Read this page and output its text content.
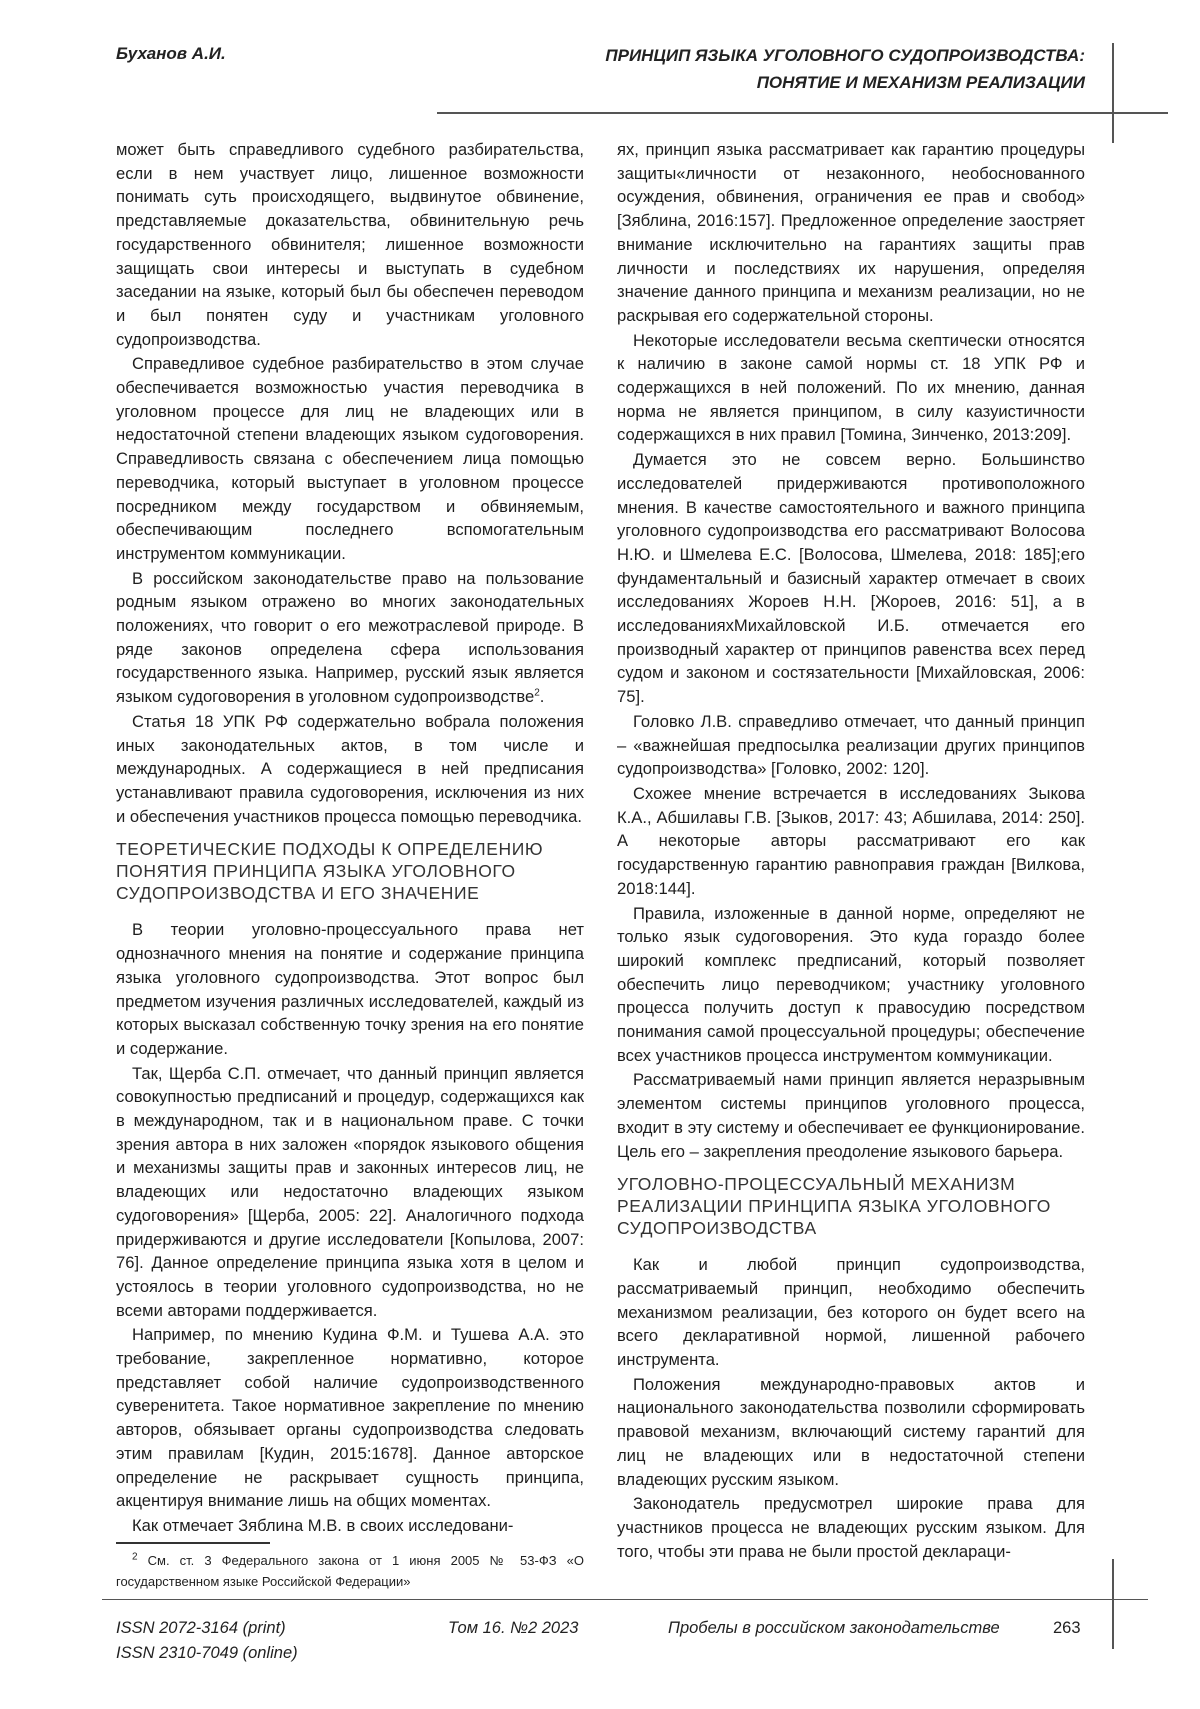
Буханов А.И.	ПРИНЦИП ЯЗЫКА УГОЛОВНОГО СУДОПРОИЗВОДСТВА:
ПОНЯТИЕ И МЕХАНИЗМ РЕАЛИЗАЦИИ

может быть справедливого судебного разбирательства, если в нем участвует лицо, лишенное возможности понимать суть происходящего, выдвинутое обвинение, представляемые доказательства, обвинительную речь государственного обвинителя; лишенное возможности защищать свои интересы и выступать в судебном заседании на языке, который был бы обеспечен переводом и был понятен суду и участникам уголовного судопроизводства.

Справедливое судебное разбирательство в этом случае обеспечивается возможностью участия переводчика в уголовном процессе для лиц не владеющих или в недостаточной степени владеющих языком судоговорения. Справедливость связана с обеспечением лица помощью переводчика, который выступает в уголовном процессе посредником между государством и обвиняемым, обеспечивающим последнего вспомогательным инструментом коммуникации.

В российском законодательстве право на пользование родным языком отражено во многих законодательных положениях, что говорит о его межотраслевой природе. В ряде законов определена сфера использования государственного языка. Например, русский язык является языком судоговорения в уголовном судопроизводстве2.

Статья 18 УПК РФ содержательно вобрала положения иных законодательных актов, в том числе и международных. А содержащиеся в ней предписания устанавливают правила судоговорения, исключения из них и обеспечения участников процесса помощью переводчика.

ТЕОРЕТИЧЕСКИЕ ПОДХОДЫ К ОПРЕДЕЛЕНИЮ ПОНЯТИЯ ПРИНЦИПА ЯЗЫКА УГОЛОВНОГО СУДОПРОИЗВОДСТВА И ЕГО ЗНАЧЕНИЕ

В теории уголовно-процессуального права нет однозначного мнения на понятие и содержание принципа языка уголовного судопроизводства. Этот вопрос был предметом изучения различных исследователей, каждый из которых высказал собственную точку зрения на его понятие и содержание.

Так, Щерба С.П. отмечает, что данный принцип является совокупностью предписаний и процедур, содержащихся как в международном, так и в национальном праве. С точки зрения автора в них заложен «порядок языкового общения и механизмы защиты прав и законных интересов лиц, не владеющих или недостаточно владеющих языком судоговорения» [Щерба, 2005: 22]. Аналогичного подхода придерживаются и другие исследователи [Копылова, 2007: 76]. Данное определение принципа языка хотя в целом и устоялось в теории уголовного судопроизводства, но не всеми авторами поддерживается.

Например, по мнению Кудина Ф.М. и Тушева А.А. это требование, закрепленное нормативно, которое представляет собой наличие судопроизводственного суверенитета. Такое нормативное закрепление по мнению авторов, обязывает органы судопроизводства следовать этим правилам [Кудин, 2015:1678]. Данное авторское определение не раскрывает сущность принципа, акцентируя внимание лишь на общих моментах.

Как отмечает Зяблина М.В. в своих исследовани-

2 См. ст. 3 Федерального закона от 1 июня 2005 № 53-ФЗ «О государственном языке Российской Федерации»

ях, принцип языка рассматривает как гарантию процедуры защиты«личности от незаконного, необоснованного осуждения, обвинения, ограничения ее прав и свобод» [Зяблина, 2016:157]. Предложенное определение заостряет внимание исключительно на гарантиях защиты прав личности и последствиях их нарушения, определяя значение данного принципа и механизм реализации, но не раскрывая его содержательной стороны.

Некоторые исследователи весьма скептически относятся к наличию в законе самой нормы ст. 18 УПК РФ и содержащихся в ней положений. По их мнению, данная норма не является принципом, в силу казуистичности содержащихся в них правил [Томина, Зинченко, 2013:209].

Думается это не совсем верно. Большинство исследователей придерживаются противоположного мнения. В качестве самостоятельного и важного принципа уголовного судопроизводства его рассматривают Волосова Н.Ю. и Шмелева Е.С. [Волосова, Шмелева, 2018: 185];его фундаментальный и базисный характер отмечает в своих исследованиях Жороев Н.Н. [Жороев, 2016: 51], а в исследованияхМихайловской И.Б. отмечается его производный характер от принципов равенства всех перед судом и законом и состязательности [Михайловская, 2006: 75].

Головко Л.В. справедливо отмечает, что данный принцип – «важнейшая предпосылка реализации других принципов судопроизводства» [Головко, 2002: 120].

Схожее мнение встречается в исследованиях Зыкова К.А., Абшилавы Г.В. [Зыков, 2017: 43; Абшилава, 2014: 250]. А некоторые авторы рассматривают его как государственную гарантию равноправия граждан [Вилкова, 2018:144].

Правила, изложенные в данной норме, определяют не только язык судоговорения. Это куда гораздо более широкий комплекс предписаний, который позволяет обеспечить лицо переводчиком; участнику уголовного процесса получить доступ к правосудию посредством понимания самой процессуальной процедуры; обеспечение всех участников процесса инструментом коммуникации.

Рассматриваемый нами принцип является неразрывным элементом системы принципов уголовного процесса, входит в эту систему и обеспечивает ее функционирование. Цель его – закрепления преодоление языкового барьера.

УГОЛОВНО-ПРОЦЕССУАЛЬНЫЙ МЕХАНИЗМ РЕАЛИЗАЦИИ ПРИНЦИПА ЯЗЫКА УГОЛОВНОГО СУДОПРОИЗВОДСТВА

Как и любой принцип судопроизводства, рассматриваемый принцип, необходимо обеспечить механизмом реализации, без которого он будет всего на всего декларативной нормой, лишенной рабочего инструмента.

Положения международно-правовых актов и национального законодательства позволили сформировать правовой механизм, включающий систему гарантий для лиц не владеющих или в недостаточной степени владеющих русским языком.

Законодатель предусмотрел широкие права для участников процесса не владеющих русским языком. Для того, чтобы эти права не были простой деклараци-

ISSN 2072-3164 (print)
ISSN 2310-7049 (online)
Том 16. №2 2023	Пробелы в российском законодательстве	263
